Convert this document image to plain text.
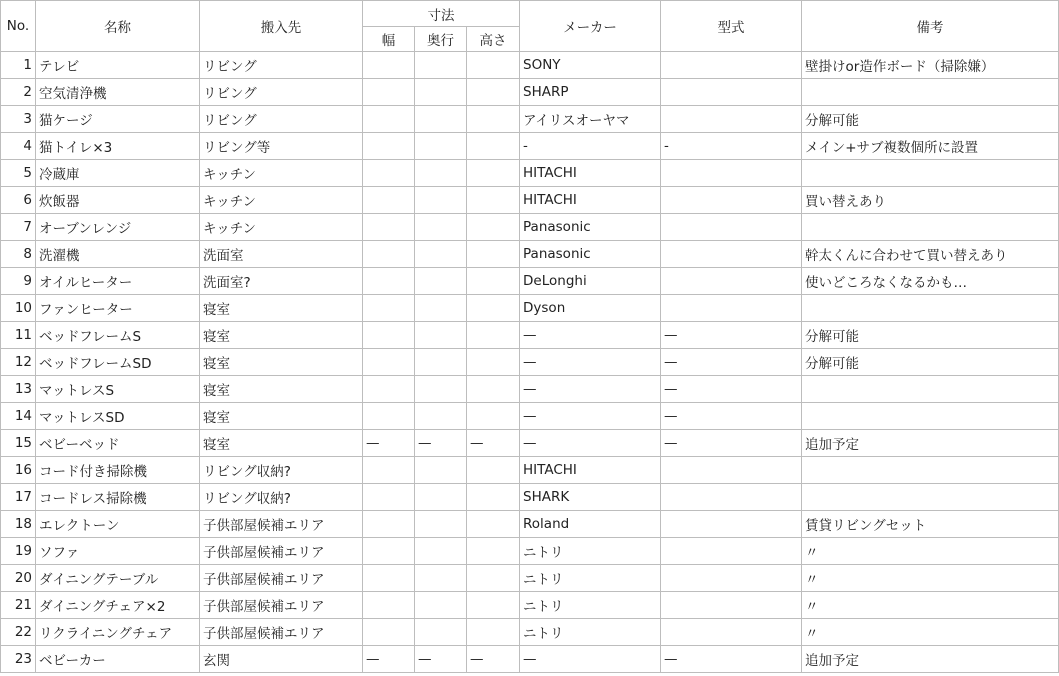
No.	名称	搬入先	寸法			メーカー	型式	備考
			幅	奥行	高さ			
1	テレビ	リビング				SONY		壁掛けor造作ボード（掃除嫌）
2	空気清浄機	リビング				SHARP		
3	猫ケージ	リビング				アイリスオーヤマ		分解可能
4	猫トイレ×3	リビング等				-	-	メイン+サブ複数個所に設置
5	冷蔵庫	キッチン				HITACHI		
6	炊飯器	キッチン				HITACHI		買い替えあり
7	オーブンレンジ	キッチン				Panasonic		
8	洗濯機	洗面室				Panasonic		幹太くんに合わせて買い替えあり
9	オイルヒーター	洗面室?				DeLonghi		使いどころなくなるかも…
10	ファンヒーター	寝室				Dyson		
11	ベッドフレームS	寝室				—	—	分解可能
12	ベッドフレームSD	寝室				—	—	分解可能
13	マットレスS	寝室				—	—	
14	マットレスSD	寝室				—	—	
15	ベビーベッド	寝室	—	—	—	—	—	追加予定
16	コード付き掃除機	リビング収納?				HITACHI		
17	コードレス掃除機	リビング収納?				SHARK		
18	エレクトーン	子供部屋候補エリア				Roland		賃貸リビングセット
19	ソファ	子供部屋候補エリア				ニトリ		〃
20	ダイニングテーブル	子供部屋候補エリア				ニトリ		〃
21	ダイニングチェア×2	子供部屋候補エリア				ニトリ		〃
22	リクライニングチェア	子供部屋候補エリア				ニトリ		〃
23	ベビーカー	玄関	—	—	—	—	—	追加予定
